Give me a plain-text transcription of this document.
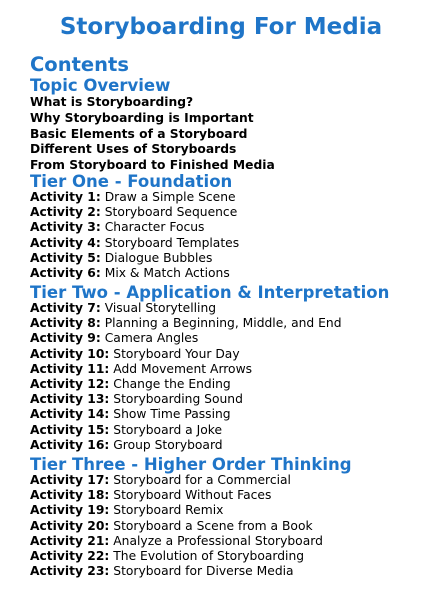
Storyboarding For Media
Contents
Topic Overview
What is Storyboarding?
Why Storyboarding is Important
Basic Elements of a Storyboard
Different Uses of Storyboards
From Storyboard to Finished Media
Tier One - Foundation
Activity 1: Draw a Simple Scene
Activity 2: Storyboard Sequence
Activity 3: Character Focus
Activity 4: Storyboard Templates
Activity 5: Dialogue Bubbles
Activity 6: Mix & Match Actions
Tier Two - Application & Interpretation
Activity 7: Visual Storytelling
Activity 8: Planning a Beginning, Middle, and End
Activity 9: Camera Angles
Activity 10: Storyboard Your Day
Activity 11: Add Movement Arrows
Activity 12: Change the Ending
Activity 13: Storyboarding Sound
Activity 14: Show Time Passing
Activity 15: Storyboard a Joke
Activity 16: Group Storyboard
Tier Three - Higher Order Thinking
Activity 17: Storyboard for a Commercial
Activity 18: Storyboard Without Faces
Activity 19: Storyboard Remix
Activity 20: Storyboard a Scene from a Book
Activity 21: Analyze a Professional Storyboard
Activity 22: The Evolution of Storyboarding
Activity 23: Storyboard for Diverse Media
